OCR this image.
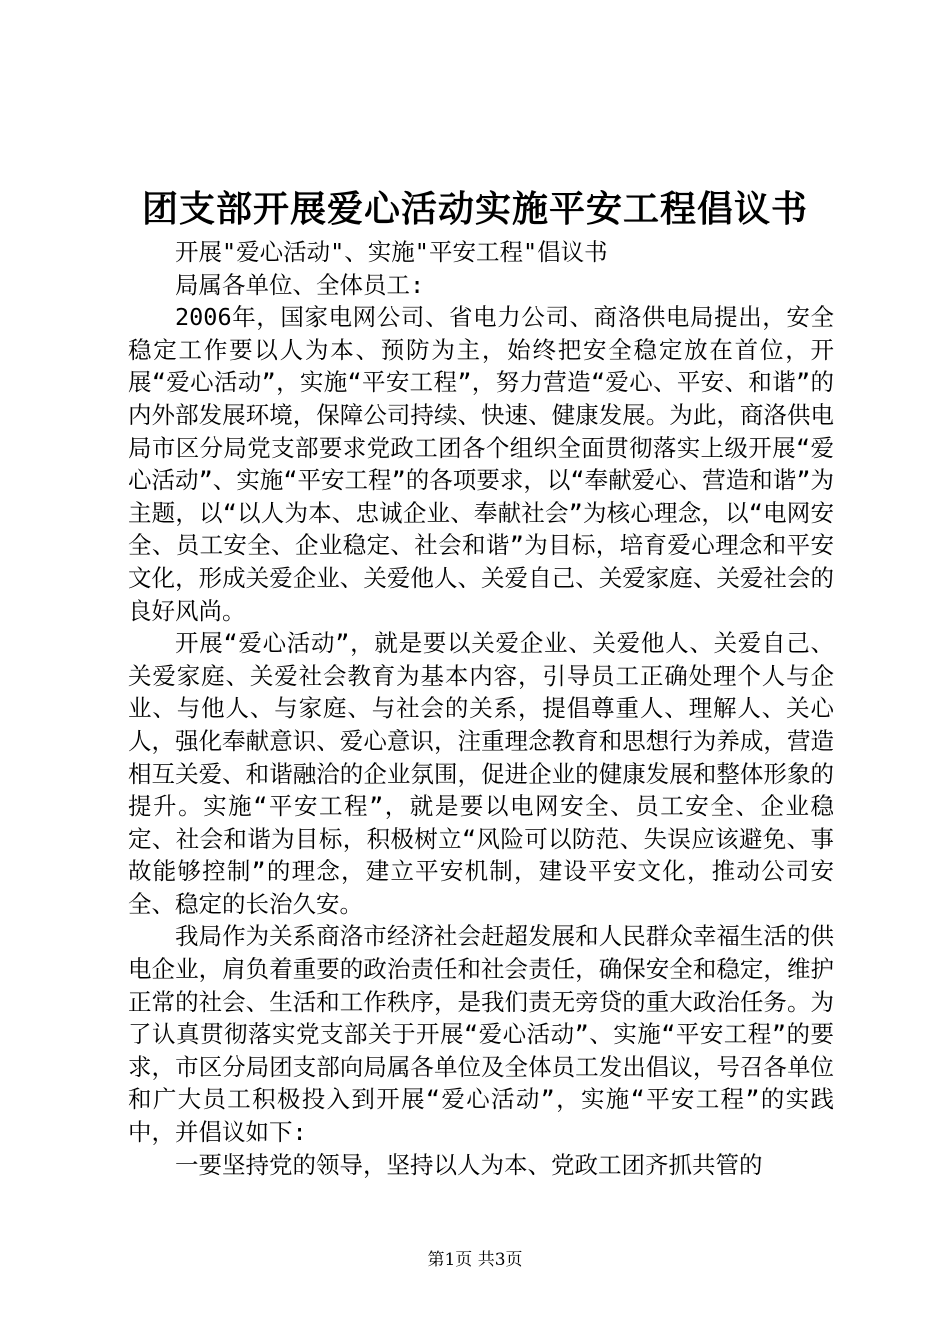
团支部开展爱心活动实施平安工程倡议书

开展"爱心活动"、实施"平安工程"倡议书

局属各单位、全体员工:

2006年，国家电网公司、省电力公司、商洛供电局提出，安全稳定工作要以人为本、预防为主，始终把安全稳定放在首位，开展“爱心活动”，实施“平安工程”，努力营造“爱心、平安、和谐”的内外部发展环境，保障公司持续、快速、健康发展。为此，商洛供电局市区分局党支部要求党政工团各个组织全面贯彻落实上级开展“爱心活动”、实施“平安工程”的各项要求，以“奉献爱心、营造和谐”为主题，以“以人为本、忠诚企业、奉献社会”为核心理念，以“电网安全、员工安全、企业稳定、社会和谐”为目标，培育爱心理念和平安文化，形成关爱企业、关爱他人、关爱自己、关爱家庭、关爱社会的良好风尚。

开展“爱心活动”，就是要以关爱企业、关爱他人、关爱自己、关爱家庭、关爱社会教育为基本内容，引导员工正确处理个人与企业、与他人、与家庭、与社会的关系，提倡尊重人、理解人、关心人，强化奉献意识、爱心意识，注重理念教育和思想行为养成，营造相互关爱、和谐融洽的企业氛围，促进企业的健康发展和整体形象的提升。实施“平安工程”，就是要以电网安全、员工安全、企业稳定、社会和谐为目标，积极树立“风险可以防范、失误应该避免、事故能够控制”的理念，建立平安机制，建设平安文化，推动公司安全、稳定的长治久安。

我局作为关系商洛市经济社会赶超发展和人民群众幸福生活的供电企业，肩负着重要的政治责任和社会责任，确保安全和稳定，维护正常的社会、生活和工作秩序，是我们责无旁贷的重大政治任务。为了认真贯彻落实党支部关于开展“爱心活动”、实施“平安工程”的要求，市区分局团支部向局属各单位及全体员工发出倡议，号召各单位和广大员工积极投入到开展“爱心活动”，实施“平安工程”的实践中，并倡议如下:

一要坚持党的领导，坚持以人为本、党政工团齐抓共管的

第1页 共3页
